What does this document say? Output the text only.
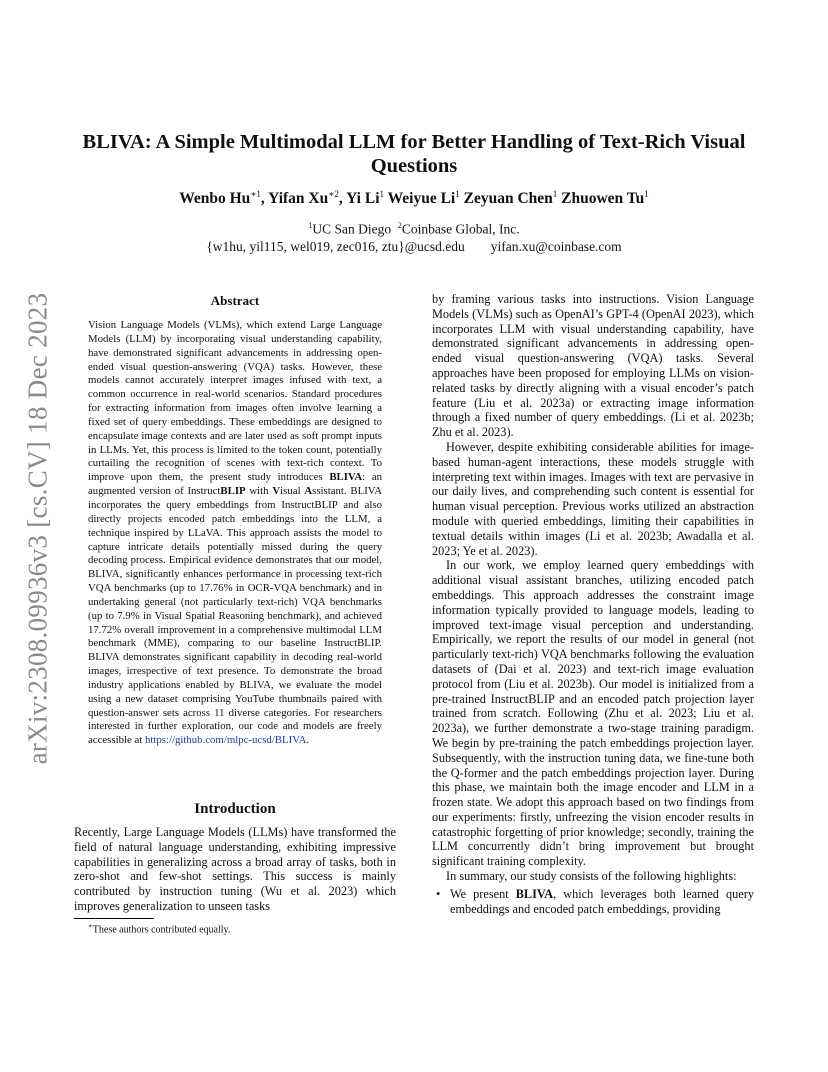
arXiv:2308.09936v3 [cs.CV] 18 Dec 2023
BLIVA: A Simple Multimodal LLM for Better Handling of Text-Rich Visual Questions
Wenbo $Hu^{∗1}$, Yifan $Xu^{∗2}$, Yi Li$^1$ Weiyue Li$^1$ Zeyuan Chen$^1$ Zhuowen Tu$^1$
$^1$UC San Diego $^2$Coinbase Global, Inc.
{w1hu, yil115, wel019, zec016, ztu}@ucsd.edu yifan.xu@coinbase.com
Abstract
Vision Language Models (VLMs), which extend Large Language Models (LLM) by incorporating visual understanding capability, have demonstrated significant advancements in addressing open-ended visual question-answering (VQA) tasks. However, these models cannot accurately interpret images infused with text, a common occurrence in real-world scenarios. Standard procedures for extracting information from images often involve learning a fixed set of query embeddings. These embeddings are designed to encapsulate image contexts and are later used as soft prompt inputs in LLMs. Yet, this process is limited to the token count, potentially curtailing the recognition of scenes with text-rich context. To improve upon them, the present study introduces BLIVA: an augmented version of InstructBLIP with Visual Assistant. BLIVA incorporates the query embeddings from InstructBLIP and also directly projects encoded patch embeddings into the LLM, a technique inspired by LLaVA. This approach assists the model to capture intricate details potentially missed during the query decoding process. Empirical evidence demonstrates that our model, BLIVA, significantly enhances performance in processing text-rich VQA benchmarks (up to 17.76% in OCR-VQA benchmark) and in undertaking general (not particularly text-rich) VQA benchmarks (up to 7.9% in Visual Spatial Reasoning benchmark), and achieved 17.72% overall improvement in a comprehensive multimodal LLM benchmark (MME), comparing to our baseline InstructBLIP. BLIVA demonstrates significant capability in decoding real-world images, irrespective of text presence. To demonstrate the broad industry applications enabled by BLIVA, we evaluate the model using a new dataset comprising YouTube thumbnails paired with question-answer sets across 11 diverse categories. For researchers interested in further exploration, our code and models are freely accessible at https://github.com/mlpc-ucsd/BLIVA.
Introduction
Recently, Large Language Models (LLMs) have transformed the field of natural language understanding, exhibiting impressive capabilities in generalizing across a broad array of tasks, both in zero-shot and few-shot settings. This success is mainly contributed by instruction tuning (Wu et al. 2023) which improves generalization to unseen tasks
∗These authors contributed equally.

by framing various tasks into instructions. Vision Language Models (VLMs) such as OpenAI’s GPT-4 (OpenAI 2023), which incorporates LLM with visual understanding capability, have demonstrated significant advancements in addressing open-ended visual question-answering (VQA) tasks. Several approaches have been proposed for employing LLMs on vision-related tasks by directly aligning with a visual encoder’s patch feature (Liu et al. 2023a) or extracting image information through a fixed number of query embeddings. (Li et al. 2023b; Zhu et al. 2023).

However, despite exhibiting considerable abilities for image-based human-agent interactions, these models struggle with interpreting text within images. Images with text are pervasive in our daily lives, and comprehending such content is essential for human visual perception. Previous works utilized an abstraction module with queried embeddings, limiting their capabilities in textual details within images (Li et al. 2023b; Awadalla et al. 2023; Ye et al. 2023).

In our work, we employ learned query embeddings with additional visual assistant branches, utilizing encoded patch embeddings. This approach addresses the constraint image information typically provided to language models, leading to improved text-image visual perception and understanding. Empirically, we report the results of our model in general (not particularly text-rich) VQA benchmarks following the evaluation datasets of (Dai et al. 2023) and text-rich image evaluation protocol from (Liu et al. 2023b). Our model is initialized from a pre-trained InstructBLIP and an encoded patch projection layer trained from scratch. Following (Zhu et al. 2023; Liu et al. 2023a), we further demonstrate a two-stage training paradigm. We begin by pre-training the patch embeddings projection layer. Subsequently, with the instruction tuning data, we fine-tune both the Q-former and the patch embeddings projection layer. During this phase, we maintain both the image encoder and LLM in a frozen state. We adopt this approach based on two findings from our experiments: firstly, unfreezing the vision encoder results in catastrophic forgetting of prior knowledge; secondly, training the LLM concurrently didn’t bring improvement but brought significant training complexity.

In summary, our study consists of the following highlights:

• We present BLIVA, which leverages both learned query embeddings and encoded patch embeddings, providing
